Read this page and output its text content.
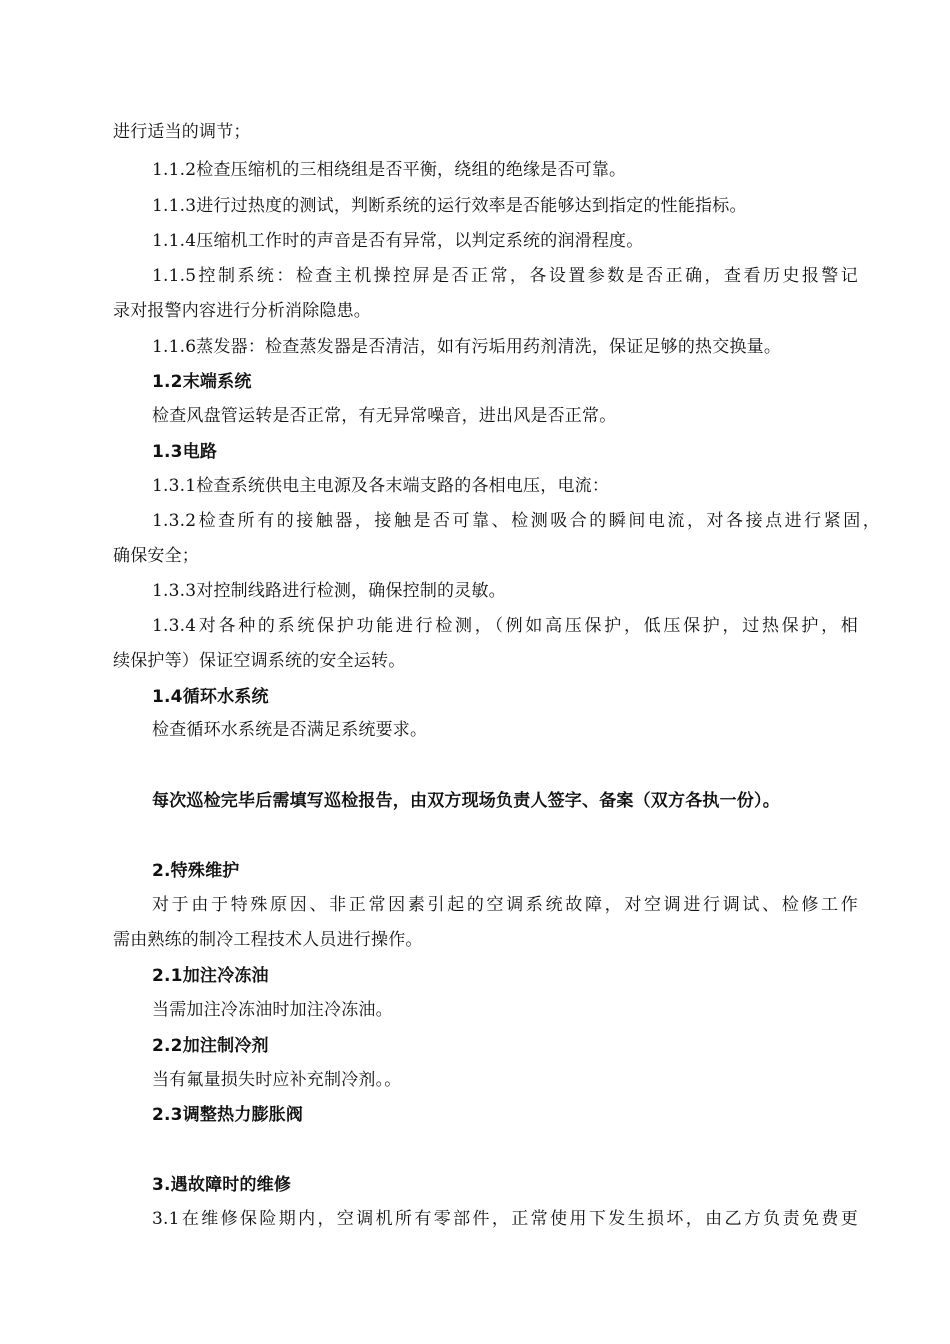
进行适当的调节；
1.1.2检查压缩机的三相绕组是否平衡，绕组的绝缘是否可靠。
1.1.3进行过热度的测试，判断系统的运行效率是否能够达到指定的性能指标。
1.1.4压缩机工作时的声音是否有异常，以判定系统的润滑程度。
1.1.5控制系统：检查主机操控屏是否正常，各设置参数是否正确，查看历史报警记
录对报警内容进行分析消除隐患。
1.1.6蒸发器：检查蒸发器是否清洁，如有污垢用药剂清洗，保证足够的热交换量。
1.2末端系统
检查风盘管运转是否正常，有无异常噪音，进出风是否正常。
1.3电路
1.3.1检查系统供电主电源及各末端支路的各相电压，电流：
1.3.2检查所有的接触器，接触是否可靠、检测吸合的瞬间电流，对各接点进行紧固，
确保安全；
1.3.3对控制线路进行检测，确保控制的灵敏。
1.3.4对各种的系统保护功能进行检测，（例如高压保护，低压保护，过热保护，相
续保护等）保证空调系统的安全运转。
1.4循环水系统
检查循环水系统是否满足系统要求。
每次巡检完毕后需填写巡检报告，由双方现场负责人签字、备案（双方各执一份）。
2.特殊维护
对于由于特殊原因、非正常因素引起的空调系统故障，对空调进行调试、检修工作
需由熟练的制冷工程技术人员进行操作。
2.1加注冷冻油
当需加注冷冻油时加注冷冻油。
2.2加注制冷剂
当有氟量损失时应补充制冷剂。。
2.3调整热力膨胀阀
3.遇故障时的维修
3.1在维修保险期内，空调机所有零部件，正常使用下发生损坏，由乙方负责免费更
